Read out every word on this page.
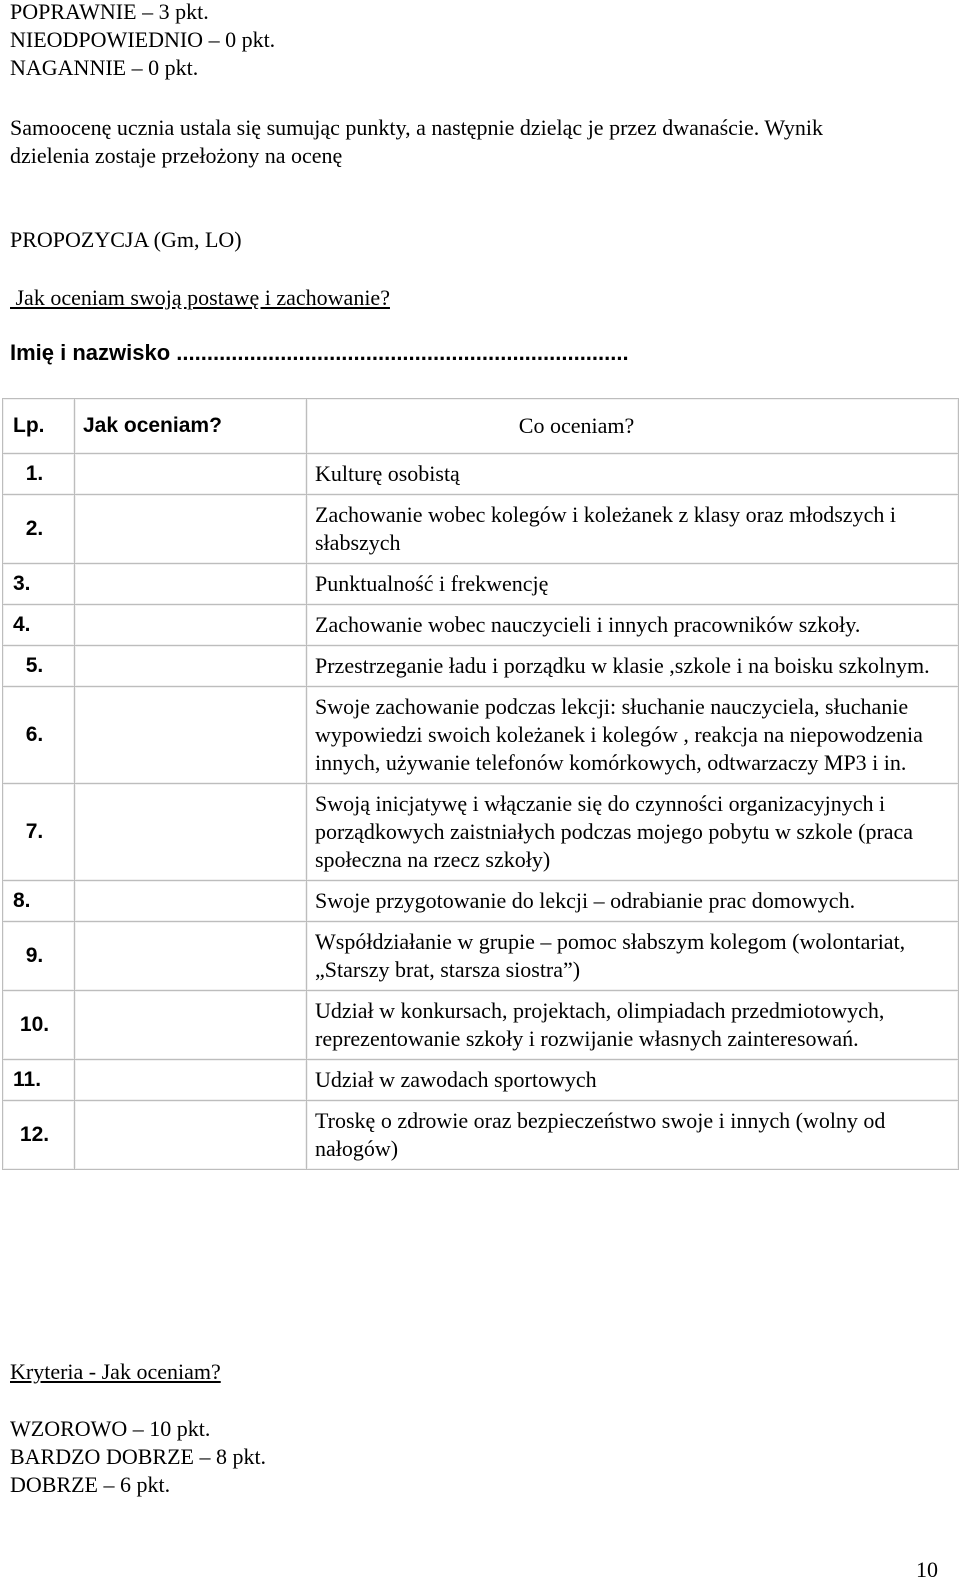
POPRAWNIE – 3 pkt.
NIEODPOWIEDNIO – 0 pkt.
NAGANNIE – 0 pkt.
Samoocenę ucznia ustala się sumując punkty, a następnie dzieląc je przez dwanaście. Wynik
dzielenia zostaje przełożony na ocenę
PROPOZYCJA (Gm, LO)
Jak oceniam swoją postawę i zachowanie?
Imię i nazwisko ..........................................................................
Lp.	Jak oceniam?	Co oceniam?
1.		Kulturę osobistą
2.		Zachowanie wobec kolegów i koleżanek z klasy oraz młodszych i słabszych
3.		Punktualność i frekwencję
4.		Zachowanie wobec nauczycieli i innych pracowników szkoły.
5.		Przestrzeganie ładu i porządku w klasie ,szkole i na boisku szkolnym.
6.		Swoje zachowanie podczas lekcji: słuchanie nauczyciela, słuchanie wypowiedzi swoich koleżanek i kolegów , reakcja na niepowodzenia innych, używanie telefonów komórkowych, odtwarzaczy MP3 i in.
7.		Swoją inicjatywę i włączanie się do czynności organizacyjnych i porządkowych zaistniałych podczas mojego pobytu w szkole (praca społeczna na rzecz szkoły)
8.		Swoje przygotowanie do lekcji – odrabianie prac domowych.
9.		Współdziałanie w grupie – pomoc słabszym kolegom (wolontariat, „Starszy brat, starsza siostra”)
10.		Udział w konkursach, projektach, olimpiadach przedmiotowych, reprezentowanie szkoły i rozwijanie własnych zainteresowań.
11.		Udział w zawodach sportowych
12.		Troskę o zdrowie oraz bezpieczeństwo swoje i innych (wolny od nałogów)
Kryteria - Jak oceniam?
WZOROWO – 10 pkt.
BARDZO DOBRZE – 8 pkt.
DOBRZE – 6 pkt.
10
